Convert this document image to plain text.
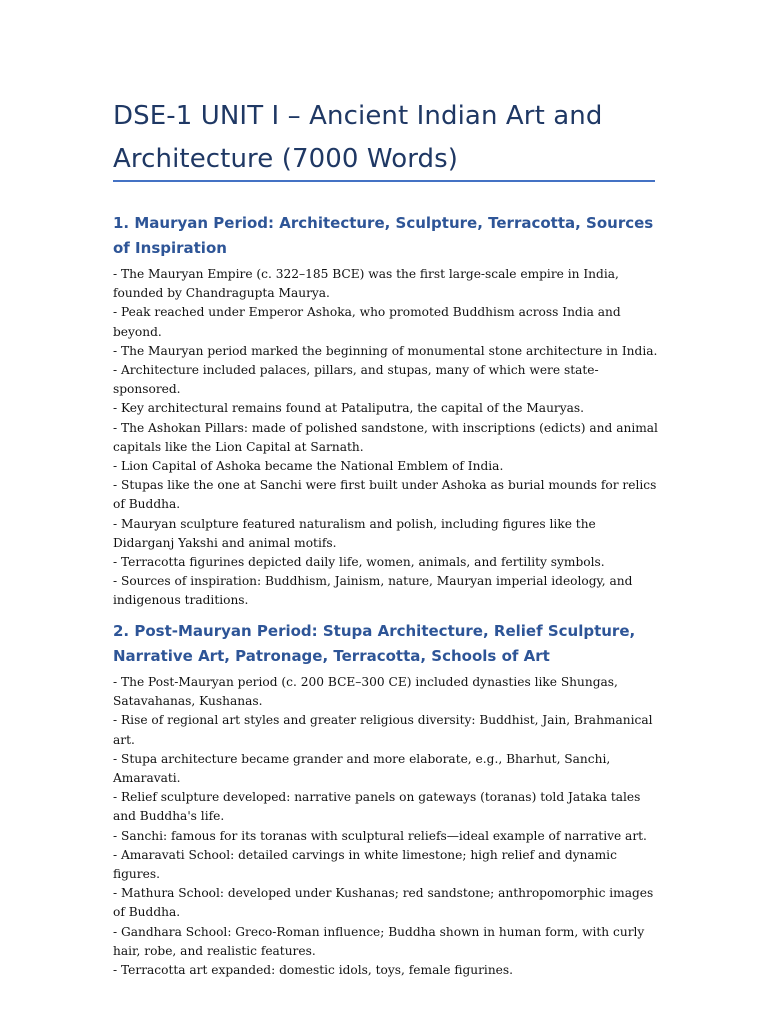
DSE-1 UNIT I – Ancient Indian Art and Architecture (7000 Words)
1. Mauryan Period: Architecture, Sculpture, Terracotta, Sources of Inspiration
- The Mauryan Empire (c. 322–185 BCE) was the first large-scale empire in India, founded by Chandragupta Maurya.
- Peak reached under Emperor Ashoka, who promoted Buddhism across India and beyond.
- The Mauryan period marked the beginning of monumental stone architecture in India.
- Architecture included palaces, pillars, and stupas, many of which were state-sponsored.
- Key architectural remains found at Pataliputra, the capital of the Mauryas.
- The Ashokan Pillars: made of polished sandstone, with inscriptions (edicts) and animal capitals like the Lion Capital at Sarnath.
- Lion Capital of Ashoka became the National Emblem of India.
- Stupas like the one at Sanchi were first built under Ashoka as burial mounds for relics of Buddha.
- Mauryan sculpture featured naturalism and polish, including figures like the Didarganj Yakshi and animal motifs.
- Terracotta figurines depicted daily life, women, animals, and fertility symbols.
- Sources of inspiration: Buddhism, Jainism, nature, Mauryan imperial ideology, and indigenous traditions.
2. Post-Mauryan Period: Stupa Architecture, Relief Sculpture, Narrative Art, Patronage, Terracotta, Schools of Art
- The Post-Mauryan period (c. 200 BCE–300 CE) included dynasties like Shungas, Satavahanas, Kushanas.
- Rise of regional art styles and greater religious diversity: Buddhist, Jain, Brahmanical art.
- Stupa architecture became grander and more elaborate, e.g., Bharhut, Sanchi, Amaravati.
- Relief sculpture developed: narrative panels on gateways (toranas) told Jataka tales and Buddha's life.
- Sanchi: famous for its toranas with sculptural reliefs—ideal example of narrative art.
- Amaravati School: detailed carvings in white limestone; high relief and dynamic figures.
- Mathura School: developed under Kushanas; red sandstone; anthropomorphic images of Buddha.
- Gandhara School: Greco-Roman influence; Buddha shown in human form, with curly hair, robe, and realistic features.
- Terracotta art expanded: domestic idols, toys, female figurines.
